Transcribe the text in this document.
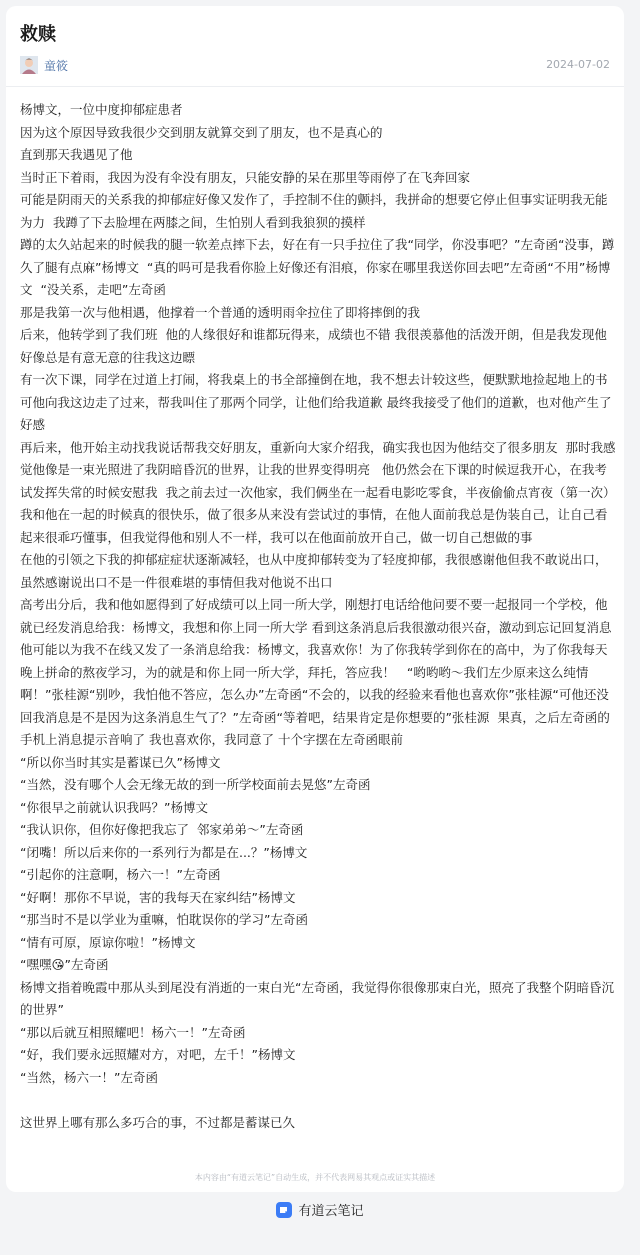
救赎
童筱	2024-07-02

杨博文，一位中度抑郁症患者

因为这个原因导致我很少交到朋友就算交到了朋友，也不是真心的

直到那天我遇见了他

当时正下着雨，我因为没有伞没有朋友，只能安静的呆在那里等雨停了在飞奔回家

可能是阴雨天的关系我的抑郁症好像又发作了，手控制不住的颤抖，我拼命的想要它停止但事实证明我无能为力  我蹲了下去脸埋在两膝之间，生怕别人看到我狼狈的摸样

蹲的太久站起来的时候我的腿一软差点摔下去，好在有一只手拉住了我“同学，你没事吧？”左奇函“没事，蹲久了腿有点麻”杨博文  “真的吗可是我看你脸上好像还有泪痕，你家在哪里我送你回去吧”左奇函“不用”杨博文  “没关系，走吧”左奇函

那是我第一次与他相遇，他撑着一个普通的透明雨伞拉住了即将摔倒的我

后来，他转学到了我们班  他的人缘很好和谁都玩得来，成绩也不错 我很羡慕他的活泼开朗，但是我发现他好像总是有意无意的往我这边瞟

有一次下课，同学在过道上打闹，将我桌上的书全部撞倒在地，我不想去计较这些，便默默地捡起地上的书 可他向我这边走了过来，帮我叫住了那两个同学，让他们给我道歉 最终我接受了他们的道歉，也对他产生了好感

再后来，他开始主动找我说话帮我交好朋友，重新向大家介绍我，确实我也因为他结交了很多朋友  那时我感觉他像是一束光照进了我阴暗昏沉的世界，让我的世界变得明亮   他仍然会在下课的时候逗我开心，在我考试发挥失常的时候安慰我  我之前去过一次他家，我们俩坐在一起看电影吃零食，半夜偷偷点宵夜（第一次）我和他在一起的时候真的很快乐，做了很多从来没有尝试过的事情，在他人面前我总是伪装自己，让自己看起来很乖巧懂事，但我觉得他和别人不一样，我可以在他面前放开自己，做一切自己想做的事

在他的引领之下我的抑郁症症状逐渐减轻，也从中度抑郁转变为了轻度抑郁，我很感谢他但我不敢说出口，虽然感谢说出口不是一件很难堪的事情但我对他说不出口

高考出分后，我和他如愿得到了好成绩可以上同一所大学，刚想打电话给他问要不要一起报同一个学校，他就已经发消息给我：杨博文，我想和你上同一所大学 看到这条消息后我很激动很兴奋，激动到忘记回复消息    他可能以为我不在线又发了一条消息给我：杨博文，我喜欢你！为了你我转学到你在的高中，为了你我每天晚上拼命的熬夜学习，为的就是和你上同一所大学，拜托，答应我！   “哟哟哟～我们左少原来这么纯情啊！”张桂源“别吵，我怕他不答应，怎么办”左奇函“不会的，以我的经验来看他也喜欢你”张桂源“可他还没回我消息是不是因为这条消息生气了？”左奇函“等着吧，结果肯定是你想要的”张桂源  果真，之后左奇函的手机上消息提示音响了 我也喜欢你，我同意了 十个字摆在左奇函眼前

“所以你当时其实是蓄谋已久”杨博文

“当然，没有哪个人会无缘无故的到一所学校面前去晃悠”左奇函

“你很早之前就认识我吗？”杨博文

“我认识你，但你好像把我忘了  邻家弟弟～”左奇函

“闭嘴！所以后来你的一系列行为都是在...？”杨博文

“引起你的注意啊，杨六一！”左奇函

“好啊！那你不早说，害的我每天在家纠结”杨博文

“那当时不是以学业为重嘛，怕耽误你的学习”左奇函

“情有可原，原谅你啦！”杨博文

“嘿嘿😘”左奇函

杨博文指着晚霞中那从头到尾没有消逝的一束白光“左奇函，我觉得你很像那束白光，照亮了我整个阴暗昏沉的世界”

“那以后就互相照耀吧！杨六一！”左奇函

“好，我们要永远照耀对方，对吧，左千！”杨博文

“当然，杨六一！”左奇函

这世界上哪有那么多巧合的事，不过都是蓄谋已久

本内容由“有道云笔记”自动生成，并不代表网易其观点或证实其描述
有道云笔记
